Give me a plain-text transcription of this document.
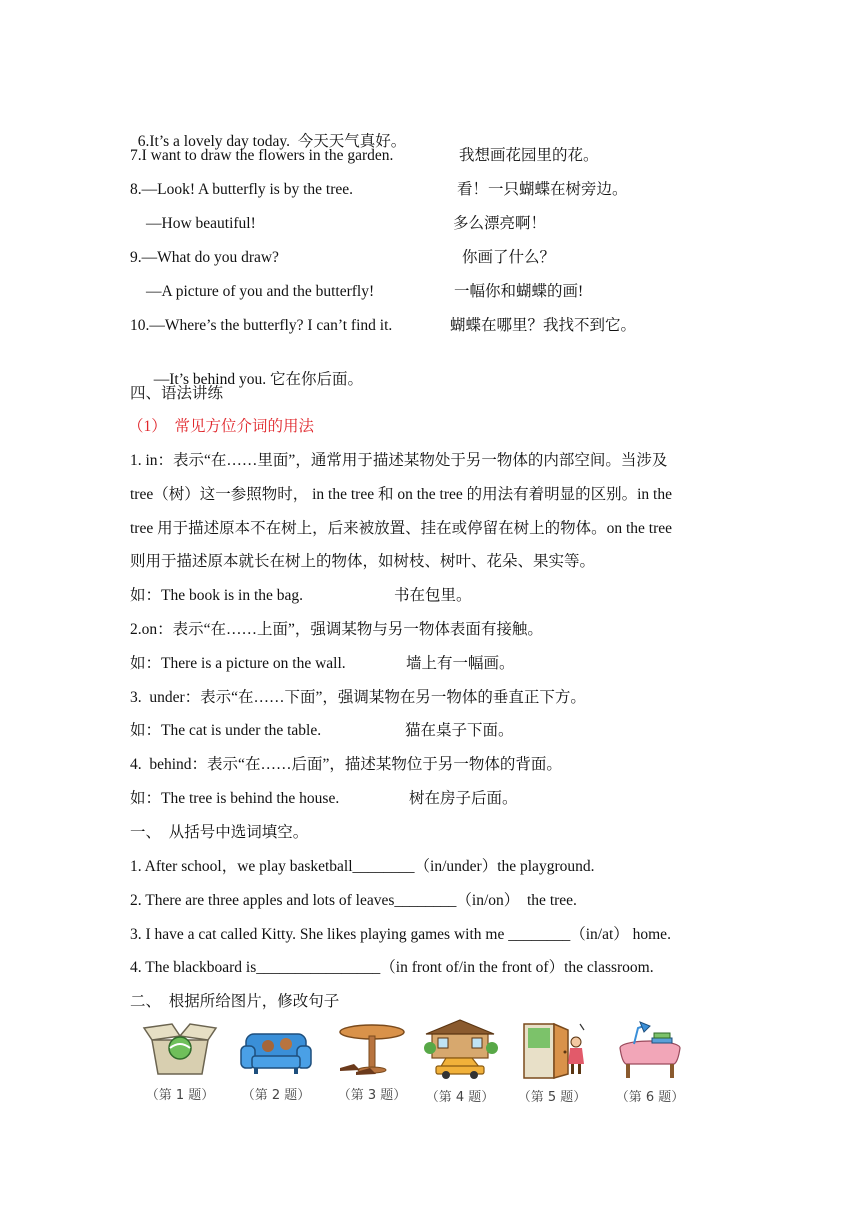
6.It’s a lovely day today. 今天天气真好。

7.I want to draw the flowers in the garden.	我想画花园里的花。
8.—Look! A butterfly is by the tree.	看！一只蝴蝶在树旁边。
—How beautiful!	多么漂亮啊！
9.—What do you draw?	你画了什么？
—A picture of you and the butterfly!	一幅你和蝴蝶的画!
10.—Where’s the butterfly? I can’t find it.	蝴蝶在哪里？我找不到它。

—It’s behind you. 它在你后面。

四、语法讲练
（1）  常见方位介词的用法
1. in：表示“在……里面”，通常用于描述某物处于另一物体的内部空间。当涉及
tree（树）这一参照物时， in the tree 和 on the tree 的用法有着明显的区别。in the
tree 用于描述原本不在树上，后来被放置、挂在或停留在树上的物体。on the tree
则用于描述原本就长在树上的物体，如树枝、树叶、花朵、果实等。
如：The book is in the bag.	书在包里。
2.on：表示“在……上面”，强调某物与另一物体表面有接触。
如：There is a picture on the wall.	墙上有一幅画。
3.  under：表示“在……下面”，强调某物在另一物体的垂直正下方。
如：The cat is under the table.	猫在桌子下面。
4.  behind：表示“在……后面”，描述某物位于另一物体的背面。
如：The tree is behind the house.	树在房子后面。
一、  从括号中选词填空。
1. After school，we play basketball________（in/under）the playground.
2. There are three apples and lots of leaves________（in/on）  the tree.
3. I have a cat called Kitty. She likes playing games with me ________（in/at） home.
4. The blackboard is________________（in front of/in the front of）the classroom.
二、  根据所给图片，修改句子
（第 1 题）	（第 2 题）	（第 3 题）	（第 4 题）	（第 5 题）	（第 6 题）
